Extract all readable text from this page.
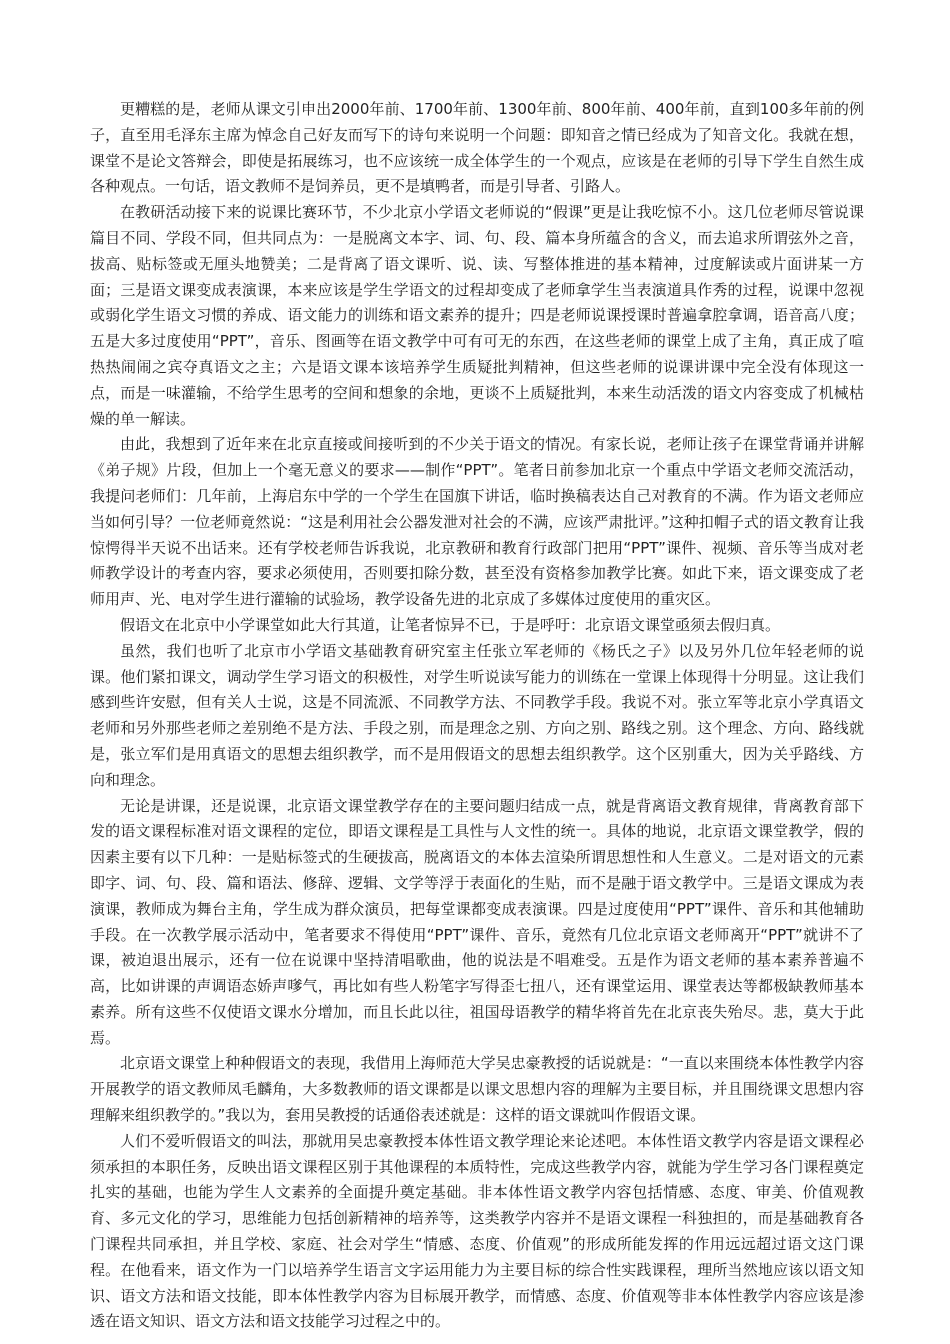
更糟糕的是，老师从课文引申出2000年前、1700年前、1300年前、800年前、400年前，直到100多年前的例子，直至用毛泽东主席为悼念自己好友而写下的诗句来说明一个问题：即知音之情已经成为了知音文化。我就在想，课堂不是论文答辩会，即使是拓展练习，也不应该统一成全体学生的一个观点，应该是在老师的引导下学生自然生成各种观点。一句话，语文教师不是饲养员，更不是填鸭者，而是引导者、引路人。

在教研活动接下来的说课比赛环节，不少北京小学语文老师说的“假课”更是让我吃惊不小。这几位老师尽管说课篇目不同、学段不同，但共同点为：一是脱离文本字、词、句、段、篇本身所蕴含的含义，而去追求所谓弦外之音，拔高、贴标签或无厘头地赞美；二是背离了语文课听、说、读、写整体推进的基本精神，过度解读或片面讲某一方面；三是语文课变成表演课，本来应该是学生学语文的过程却变成了老师拿学生当表演道具作秀的过程，说课中忽视或弱化学生语文习惯的养成、语文能力的训练和语文素养的提升；四是老师说课授课时普遍拿腔拿调，语音高八度；五是大多过度使用“PPT”，音乐、图画等在语文教学中可有可无的东西，在这些老师的课堂上成了主角，真正成了喧热热闹闹之宾夺真语文之主；六是语文课本该培养学生质疑批判精神，但这些老师的说课讲课中完全没有体现这一点，而是一味灌输，不给学生思考的空间和想象的余地，更谈不上质疑批判，本来生动活泼的语文内容变成了机械枯燥的单一解读。

由此，我想到了近年来在北京直接或间接听到的不少关于语文的情况。有家长说，老师让孩子在课堂背诵并讲解《弟子规》片段，但加上一个毫无意义的要求——制作“PPT”。笔者日前参加北京一个重点中学语文老师交流活动，我提问老师们：几年前，上海启东中学的一个学生在国旗下讲话，临时换稿表达自己对教育的不满。作为语文老师应当如何引导？一位老师竟然说：“这是利用社会公器发泄对社会的不满，应该严肃批评。”这种扣帽子式的语文教育让我惊愕得半天说不出话来。还有学校老师告诉我说，北京教研和教育行政部门把用“PPT”课件、视频、音乐等当成对老师教学设计的考查内容，要求必须使用，否则要扣除分数，甚至没有资格参加教学比赛。如此下来，语文课变成了老师用声、光、电对学生进行灌输的试验场，教学设备先进的北京成了多媒体过度使用的重灾区。

假语文在北京中小学课堂如此大行其道，让笔者惊异不已，于是呼吁：北京语文课堂亟须去假归真。

虽然，我们也听了北京市小学语文基础教育研究室主任张立军老师的《杨氏之子》以及另外几位年轻老师的说课。他们紧扣课文，调动学生学习语文的积极性，对学生听说读写能力的训练在一堂课上体现得十分明显。这让我们感到些许安慰，但有关人士说，这是不同流派、不同教学方法、不同教学手段。我说不对。张立军等北京小学真语文老师和另外那些老师之差别绝不是方法、手段之别，而是理念之别、方向之别、路线之别。这个理念、方向、路线就是，张立军们是用真语文的思想去组织教学，而不是用假语文的思想去组织教学。这个区别重大，因为关乎路线、方向和理念。

无论是讲课，还是说课，北京语文课堂教学存在的主要问题归结成一点，就是背离语文教育规律，背离教育部下发的语文课程标准对语文课程的定位，即语文课程是工具性与人文性的统一。具体的地说，北京语文课堂教学，假的因素主要有以下几种：一是贴标签式的生硬拔高，脱离语文的本体去渲染所谓思想性和人生意义。二是对语文的元素即字、词、句、段、篇和语法、修辞、逻辑、文学等浮于表面化的生贴，而不是融于语文教学中。三是语文课成为表演课，教师成为舞台主角，学生成为群众演员，把每堂课都变成表演课。四是过度使用“PPT”课件、音乐和其他辅助手段。在一次教学展示活动中，笔者要求不得使用“PPT”课件、音乐，竟然有几位北京语文老师离开“PPT”就讲不了课，被迫退出展示，还有一位在说课中坚持清唱歌曲，他的说法是不唱难受。五是作为语文老师的基本素养普遍不高，比如讲课的声调语态娇声嗲气，再比如有些人粉笔字写得歪七扭八，还有课堂运用、课堂表达等都极缺教师基本素养。所有这些不仅使语文课水分增加，而且长此以往，祖国母语教学的精华将首先在北京丧失殆尽。悲，莫大于此焉。

北京语文课堂上种种假语文的表现，我借用上海师范大学吴忠豪教授的话说就是：“一直以来围绕本体性教学内容开展教学的语文教师凤毛麟角，大多数教师的语文课都是以课文思想内容的理解为主要目标，并且围绕课文思想内容理解来组织教学的。”我以为，套用吴教授的话通俗表述就是：这样的语文课就叫作假语文课。

人们不爱听假语文的叫法，那就用吴忠豪教授本体性语文教学理论来论述吧。本体性语文教学内容是语文课程必须承担的本职任务，反映出语文课程区别于其他课程的本质特性，完成这些教学内容，就能为学生学习各门课程奠定扎实的基础，也能为学生人文素养的全面提升奠定基础。非本体性语文教学内容包括情感、态度、审美、价值观教育、多元文化的学习，思维能力包括创新精神的培养等，这类教学内容并不是语文课程一科独担的，而是基础教育各门课程共同承担，并且学校、家庭、社会对学生“情感、态度、价值观”的形成所能发挥的作用远远超过语文这门课程。在他看来，语文作为一门以培养学生语言文字运用能力为主要目标的综合性实践课程，理所当然地应该以语文知识、语文方法和语文技能，即本体性教学内容为目标展开教学，而情感、态度、价值观等非本体性教学内容应该是渗透在语文知识、语文方法和语文技能学习过程之中的。
